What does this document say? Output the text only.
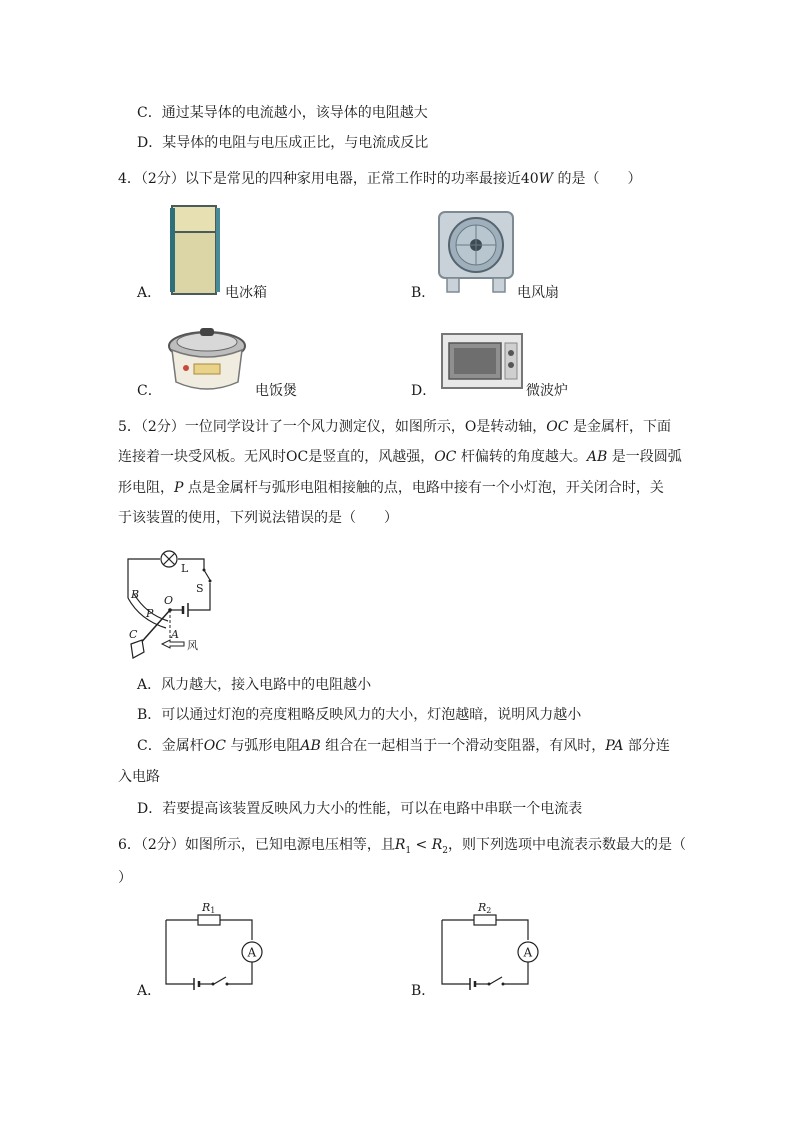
C．通过某导体的电流越小，该导体的电阻越大
D．某导体的电阻与电压成正比，与电流成反比
4．（2分）以下是常见的四种家用电器，正常工作时的功率最接近40W 的是（　　）
A．	电冰箱	B．	电风扇
C．	电饭煲	D．	微波炉
5．（2分）一位同学设计了一个风力测定仪，如图所示，O是转动轴，OC 是金属杆，下面
连接着一块受风板。无风时OC是竖直的，风越强，OC 杆偏转的角度越大。AB 是一段圆弧
形电阻，P 点是金属杆与弧形电阻相接触的点，电路中接有一个小灯泡，开关闭合时，关
于该装置的使用，下列说法错误的是（　　）
L
S
B O
P
C	A
风
A．风力越大，接入电路中的电阻越小
B．可以通过灯泡的亮度粗略反映风力的大小，灯泡越暗，说明风力越小
C．金属杆OC 与弧形电阻AB 组合在一起相当于一个滑动变阻器，有风时，PA 部分连
入电路
D．若要提高该装置反映风力大小的性能，可以在电路中串联一个电流表
6．（2分）如图所示，已知电源电压相等，且$R_1 < R_2$，则下列选项中电流表示数最大的是（
）
A．
A
R1
B．
A
R2
